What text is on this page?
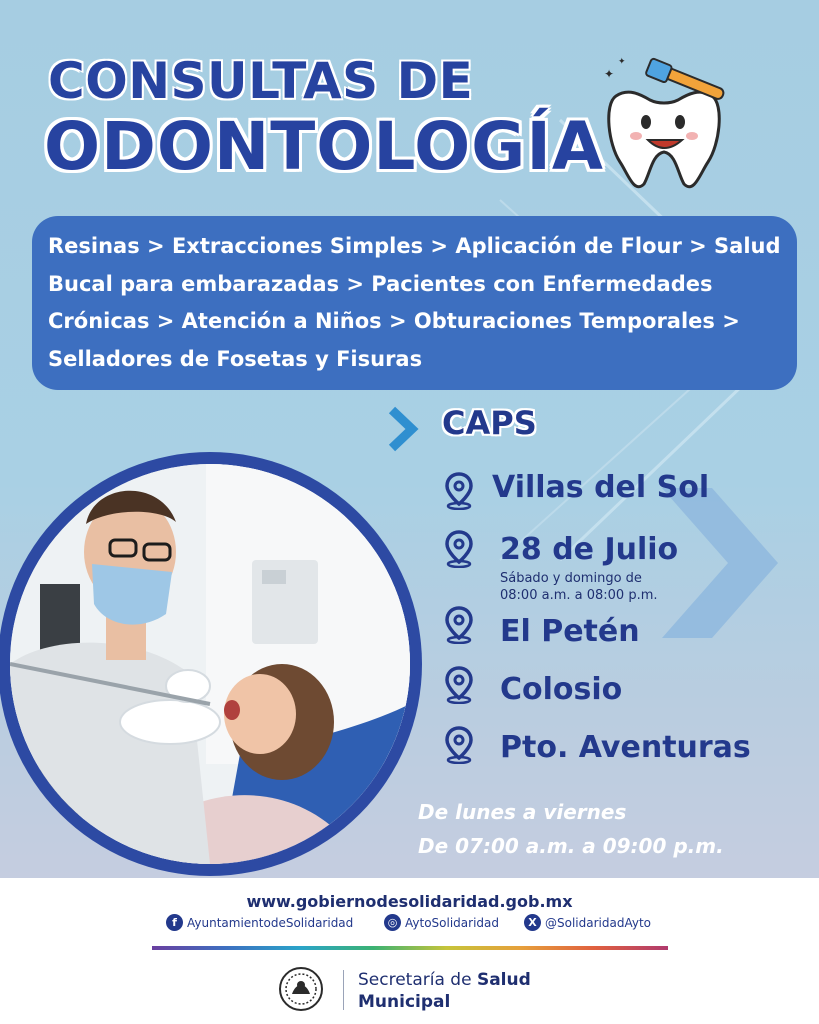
CONSULTAS DE
ODONTOLOGÍA
✦
✦
Resinas > Extracciones Simples > Aplicación de Flour > Salud Bucal para embarazadas > Pacientes con Enfermedades Crónicas > Atención a Niños > Obturaciones Temporales > Selladores de Fosetas y Fisuras
CAPS
Villas del Sol
28 de Julio
Sábado y domingo de
08:00 a.m. a 08:00 p.m.
El Petén
Colosio
Pto. Aventuras
De lunes a viernes
De 07:00 a.m. a 09:00 p.m.
www.gobiernodesolidaridad.gob.mx
f AyuntamientodeSolidaridad	◎ AytoSolidaridad	X @SolidaridadAyto
Secretaría de Salud
Municipal
